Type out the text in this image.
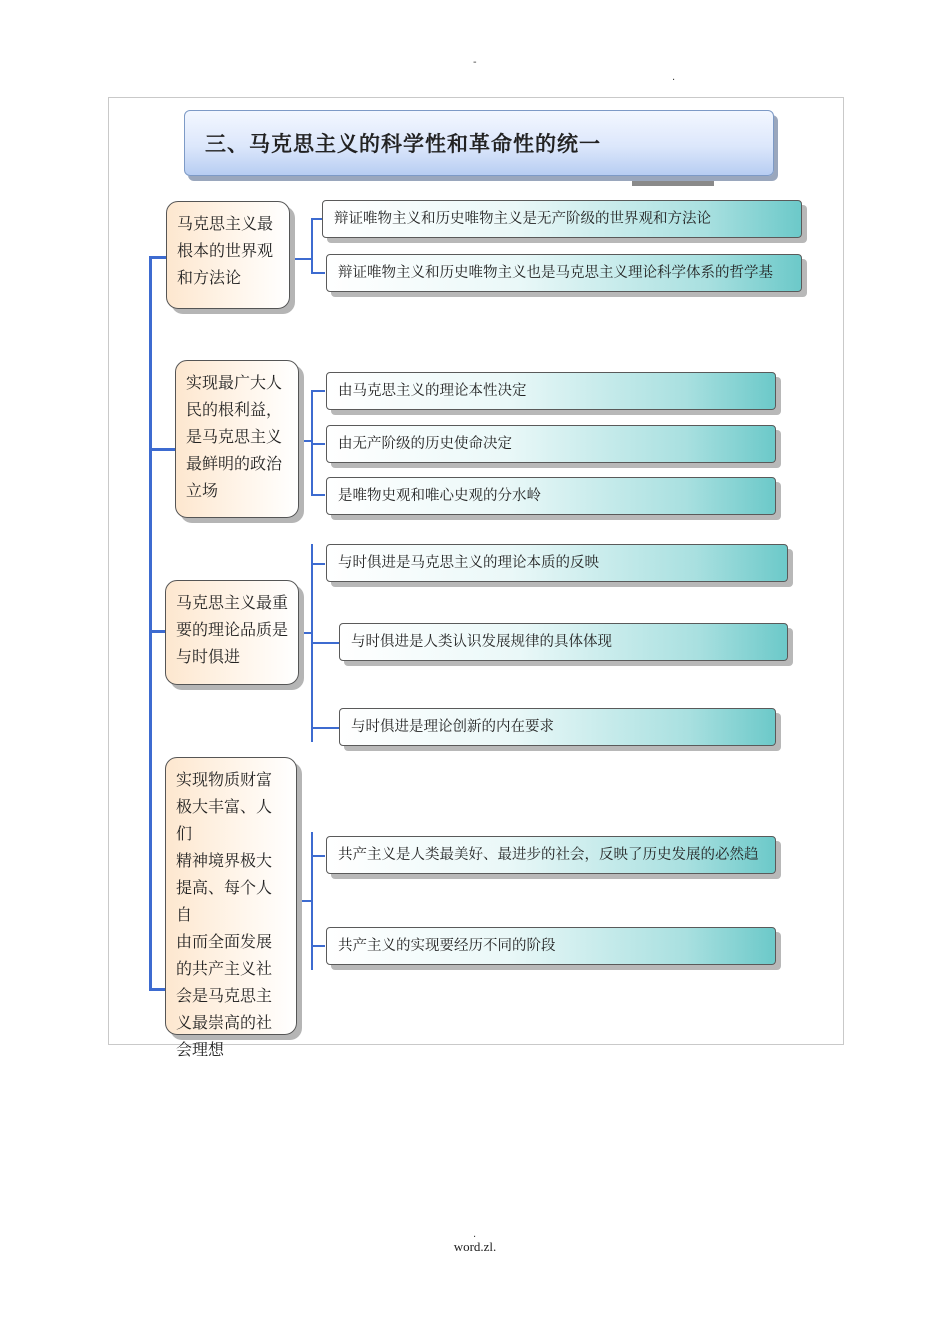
-
.
三、马克思主义的科学性和革命性的统一
马克思主义最
根本的世界观
和方法论
辩证唯物主义和历史唯物主义是无产阶级的世界观和方法论
辩证唯物主义和历史唯物主义也是马克思主义理论科学体系的哲学基
实现最广大人
民的根利益，
是马克思主义
最鲜明的政治
立场
由马克思主义的理论本性决定
由无产阶级的历史使命决定
是唯物史观和唯心史观的分水岭
马克思主义最重
要的理论品质是
与时俱进
与时俱进是马克思主义的理论本质的反映
与时俱进是人类认识发展规律的具体体现
与时俱进是理论创新的内在要求
实现物质财富
极大丰富、人们
精神境界极大
提高、每个人自
由而全面发展
的共产主义社
会是马克思主
义最崇高的社
会理想
共产主义是人类最美好、最进步的社会，反映了历史发展的必然趋
共产主义的实现要经历不同的阶段
.
word.zl.
